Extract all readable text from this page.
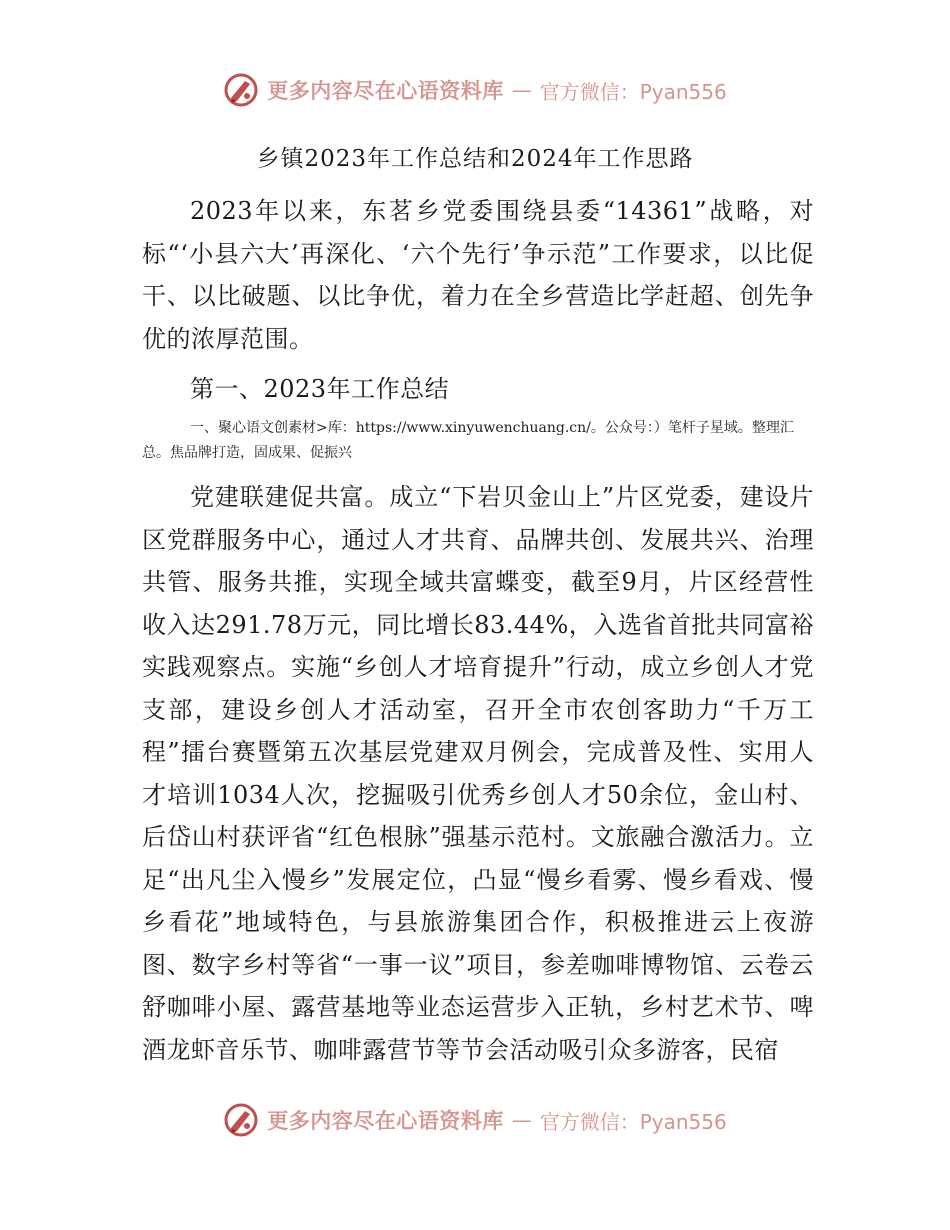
更多内容尽在心语资料库 — 官方微信：Pyan556
乡镇2023年工作总结和2024年工作思路

2023年以来，东茗乡党委围绕县委“14361”战略，对标“‘小县六大’再深化、‘六个先行’争示范”工作要求，以比促干、以比破题、以比争优，着力在全乡营造比学赶超、创先争优的浓厚范围。

第一、2023年工作总结

一、聚心语文创素材>库：https://www.xinyuwenchuang.cn/。公众号：）笔杆子星域。整理汇总。焦品牌打造，固成果、促振兴

党建联建促共富。成立“下岩贝金山上”片区党委，建设片区党群服务中心，通过人才共育、品牌共创、发展共兴、治理共管、服务共推，实现全域共富蝶变，截至9月，片区经营性收入达291.78万元，同比增长83.44%，入选省首批共同富裕实践观察点。实施“乡创人才培育提升”行动，成立乡创人才党支部，建设乡创人才活动室，召开全市农创客助力“千万工程”擂台赛暨第五次基层党建双月例会，完成普及性、实用人才培训1034人次，挖掘吸引优秀乡创人才50余位，金山村、后岱山村获评省“红色根脉”强基示范村。文旅融合激活力。立足“出凡尘入慢乡”发展定位，凸显“慢乡看雾、慢乡看戏、慢乡看花”地域特色，与县旅游集团合作，积极推进云上夜游图、数字乡村等省“一事一议”项目，参差咖啡博物馆、云卷云舒咖啡小屋、露营基地等业态运营步入正轨，乡村艺术节、啤酒龙虾音乐节、咖啡露营节等节会活动吸引众多游客，民宿

更多内容尽在心语资料库 — 官方微信：Pyan556
